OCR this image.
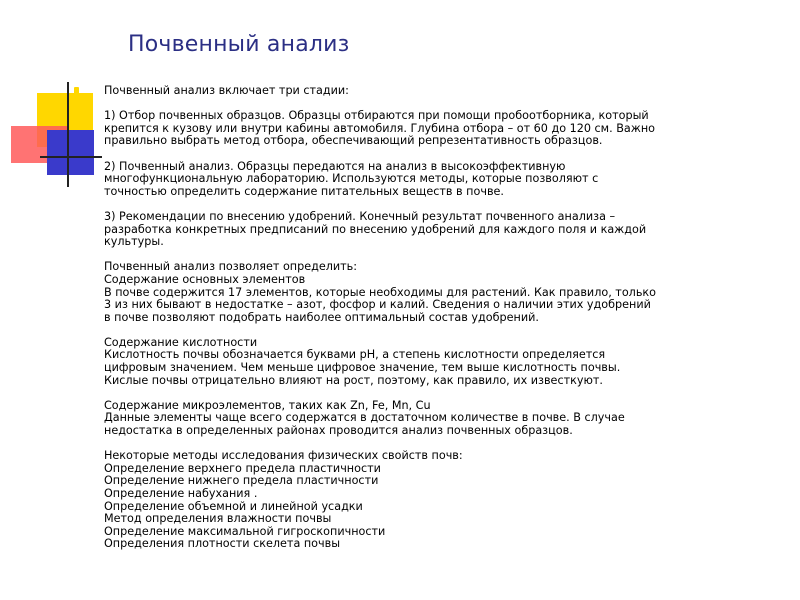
Почвенный анализ
Почвенный анализ включает три стадии:
1) Отбор почвенных образцов. Образцы отбираются при помощи пробоотборника, который
крепится к кузову или внутри кабины автомобиля. Глубина отбора – от 60 до 120 см. Важно
правильно выбрать метод отбора, обеспечивающий репрезентативность образцов.
2) Почвенный анализ. Образцы передаются на анализ в высокоэффективную
многофункциональную лабораторию. Используются методы, которые позволяют с
точностью определить содержание питательных веществ в почве.
3) Рекомендации по внесению удобрений. Конечный результат почвенного анализа –
разработка конкретных предписаний по внесению удобрений для каждого поля и каждой
культуры.
Почвенный анализ позволяет определить:
Содержание основных элементов
В почве содержится 17 элементов, которые необходимы для растений. Как правило, только
3 из них бывают в недостатке – азот, фосфор и калий. Сведения о наличии этих удобрений
в почве позволяют подобрать наиболее оптимальный состав удобрений.
Содержание кислотности
Кислотность почвы обозначается буквами pH, а степень кислотности определяется
цифровым значением. Чем меньше цифровое значение, тем выше кислотность почвы.
Кислые почвы отрицательно влияют на рост, поэтому, как правило, их известкуют.
Содержание микроэлементов, таких как Zn, Fe, Mn, Cu
Данные элементы чаще всего содержатся в достаточном количестве в почве. В случае
недостатка в определенных районах проводится анализ почвенных образцов.
Некоторые методы исследования физических свойств почв:
Определение верхнего предела пластичности
Определение нижнего предела пластичности
Определение набухания .
Определение объемной и линейной усадки
Метод определения влажности почвы
Определение максимальной гигроскопичности
Определения плотности скелета почвы
